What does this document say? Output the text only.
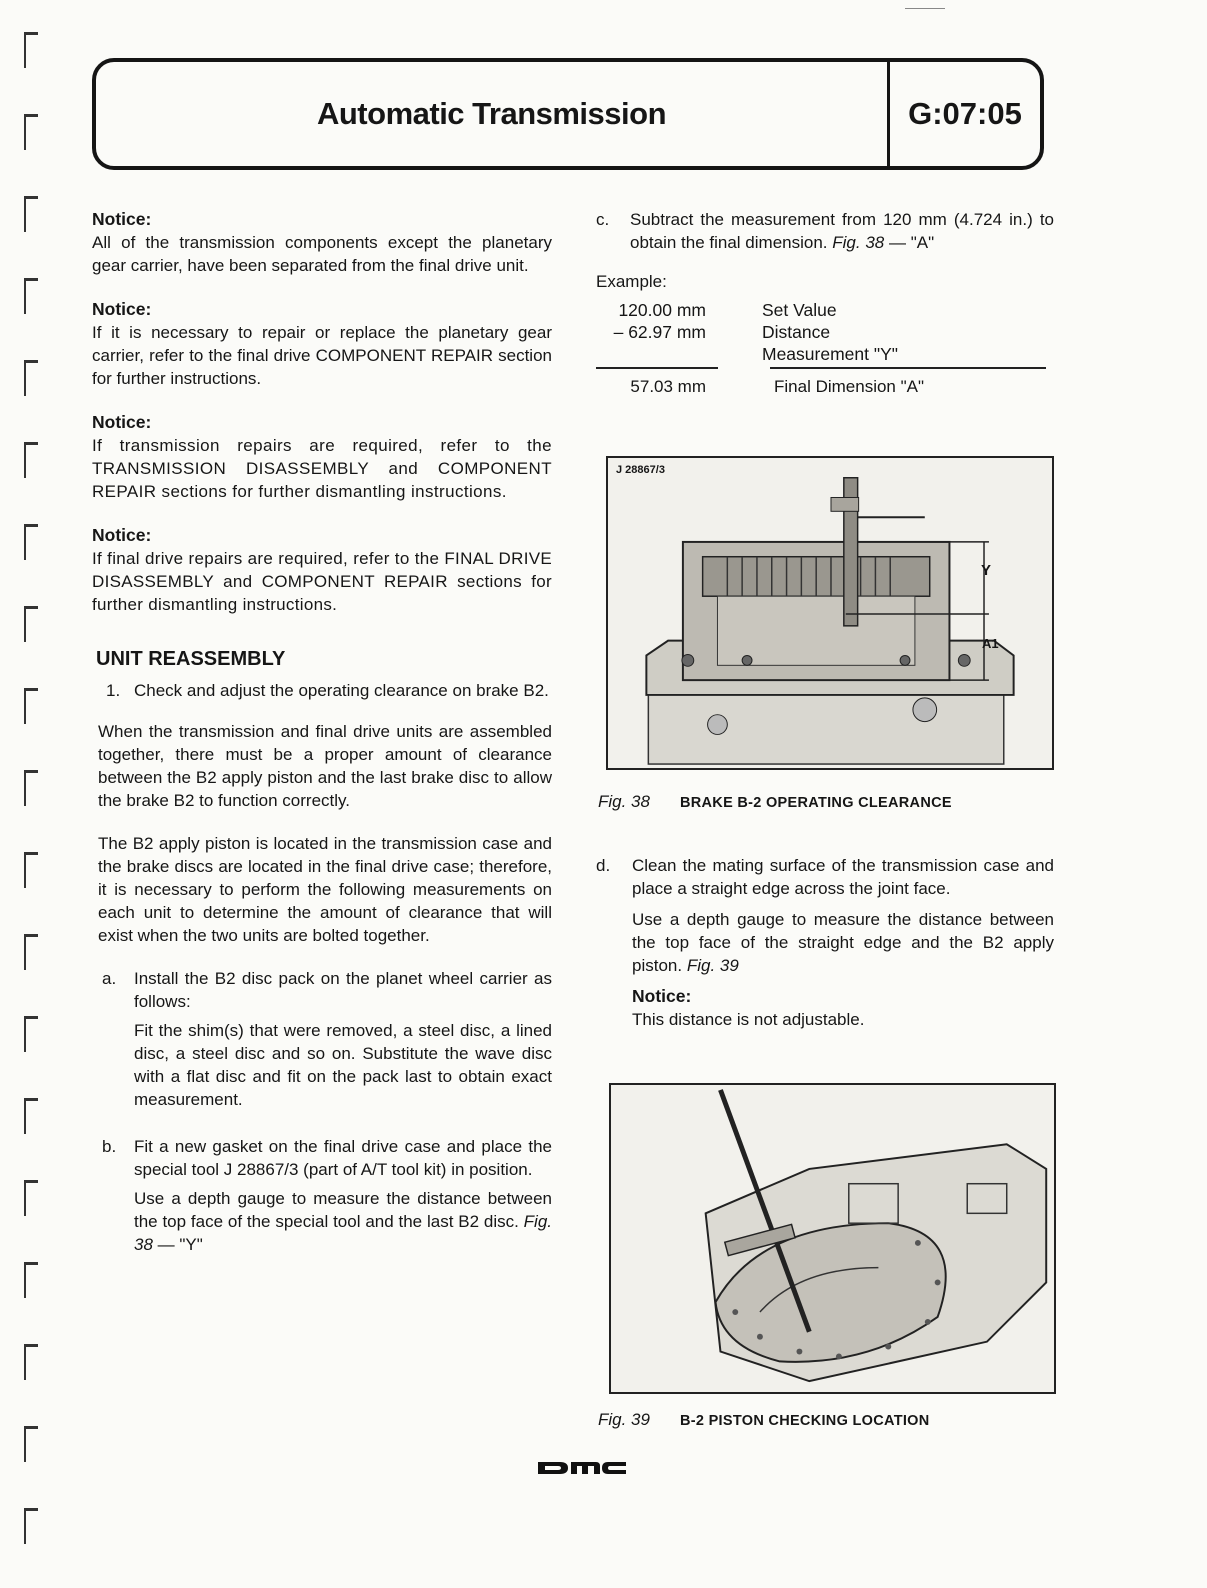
Automatic Transmission	G:07:05
Notice:

All of the transmission components except the planetary gear carrier, have been separated from the final drive unit.

Notice:

If it is necessary to repair or replace the planetary gear carrier, refer to the final drive COMPONENT REPAIR section for further instructions.

Notice:

If transmission repairs are required, refer to the TRANSMISSION DISASSEMBLY and COMPONENT REPAIR sections for further dismantling instructions.

Notice:

If final drive repairs are required, refer to the FINAL DRIVE DISASSEMBLY and COMPONENT REPAIR sections for further dismantling instructions.

UNIT REASSEMBLY
1. Check and adjust the operating clearance on brake B2.

When the transmission and final drive units are assembled together, there must be a proper amount of clearance between the B2 apply piston and the last brake disc to allow the brake B2 to function correctly.

The B2 apply piston is located in the transmission case and the brake discs are located in the final drive case; therefore, it is necessary to perform the following measurements on each unit to determine the amount of clearance that will exist when the two units are bolted together.

a.	Install the B2 disc pack on the planet wheel carrier as follows:

Fit the shim(s) that were removed, a steel disc, a lined disc, a steel disc and so on. Substitute the wave disc with a flat disc and fit on the pack last to obtain exact measurement.

b.	Fit a new gasket on the final drive case and place the special tool J 28867/3 (part of A/T tool kit) in position.

Use a depth gauge to measure the distance between the top face of the special tool and the last B2 disc. Fig. 38 — "Y"

c.	Subtract the measurement from 120 mm (4.724 in.) to obtain the final dimension. Fig. 38 — "A"
Example:
120.00 mm	Set Value
– 62.97 mm	Distance Measurement "Y"
57.03 mm	Final Dimension "A"
J 28867/3
Y
A1
Fig. 38 BRAKE B-2 OPERATING CLEARANCE
d.	Clean the mating surface of the transmission case and place a straight edge across the joint face.

Use a depth gauge to measure the distance between the top face of the straight edge and the B2 apply piston. Fig. 39

Notice:

This distance is not adjustable.

Fig. 39 B-2 PISTON CHECKING LOCATION
